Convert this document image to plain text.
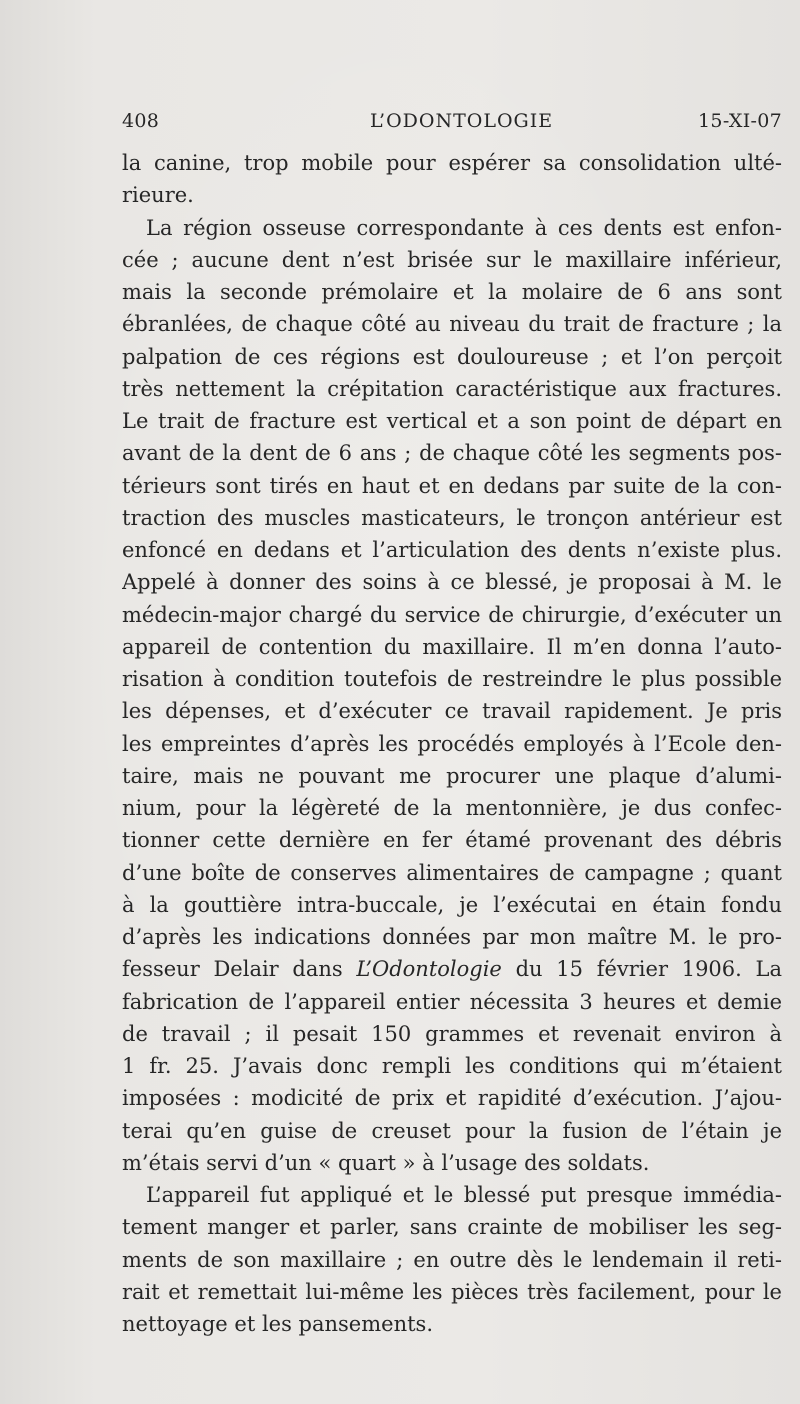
408	L’ODONTOLOGIE	15-XI-07
la canine, trop mobile pour espérer sa consolidation ulté-
rieure.
La région osseuse correspondante à ces dents est enfon-
cée ; aucune dent n’est brisée sur le maxillaire inférieur,
mais la seconde prémolaire et la molaire de 6 ans sont
ébranlées, de chaque côté au niveau du trait de fracture ; la
palpation de ces régions est douloureuse ; et l’on perçoit
très nettement la crépitation caractéristique aux fractures.
Le trait de fracture est vertical et a son point de départ en
avant de la dent de 6 ans ; de chaque côté les segments pos-
térieurs sont tirés en haut et en dedans par suite de la con-
traction des muscles masticateurs, le tronçon antérieur est
enfoncé en dedans et l’articulation des dents n’existe plus.
Appelé à donner des soins à ce blessé, je proposai à M. le
médecin-major chargé du service de chirurgie, d’exécuter un
appareil de contention du maxillaire. Il m’en donna l’auto-
risation à condition toutefois de restreindre le plus possible
les dépenses, et d’exécuter ce travail rapidement. Je pris
les empreintes d’après les procédés employés à l’Ecole den-
taire, mais ne pouvant me procurer une plaque d’alumi-
nium, pour la légèreté de la mentonnière, je dus confec-
tionner cette dernière en fer étamé provenant des débris
d’une boîte de conserves alimentaires de campagne ; quant
à la gouttière intra-buccale, je l’exécutai en étain fondu
d’après les indications données par mon maître M. le pro-
fesseur Delair dans L’Odontologie du 15 février 1906. La
fabrication de l’appareil entier nécessita 3 heures et demie
de travail ; il pesait 150 grammes et revenait environ à
1 fr. 25. J’avais donc rempli les conditions qui m’étaient
imposées : modicité de prix et rapidité d’exécution. J’ajou-
terai qu’en guise de creuset pour la fusion de l’étain je
m’étais servi d’un « quart » à l’usage des soldats.
L’appareil fut appliqué et le blessé put presque immédia-
tement manger et parler, sans crainte de mobiliser les seg-
ments de son maxillaire ; en outre dès le lendemain il reti-
rait et remettait lui-même les pièces très facilement, pour le
nettoyage et les pansements.
